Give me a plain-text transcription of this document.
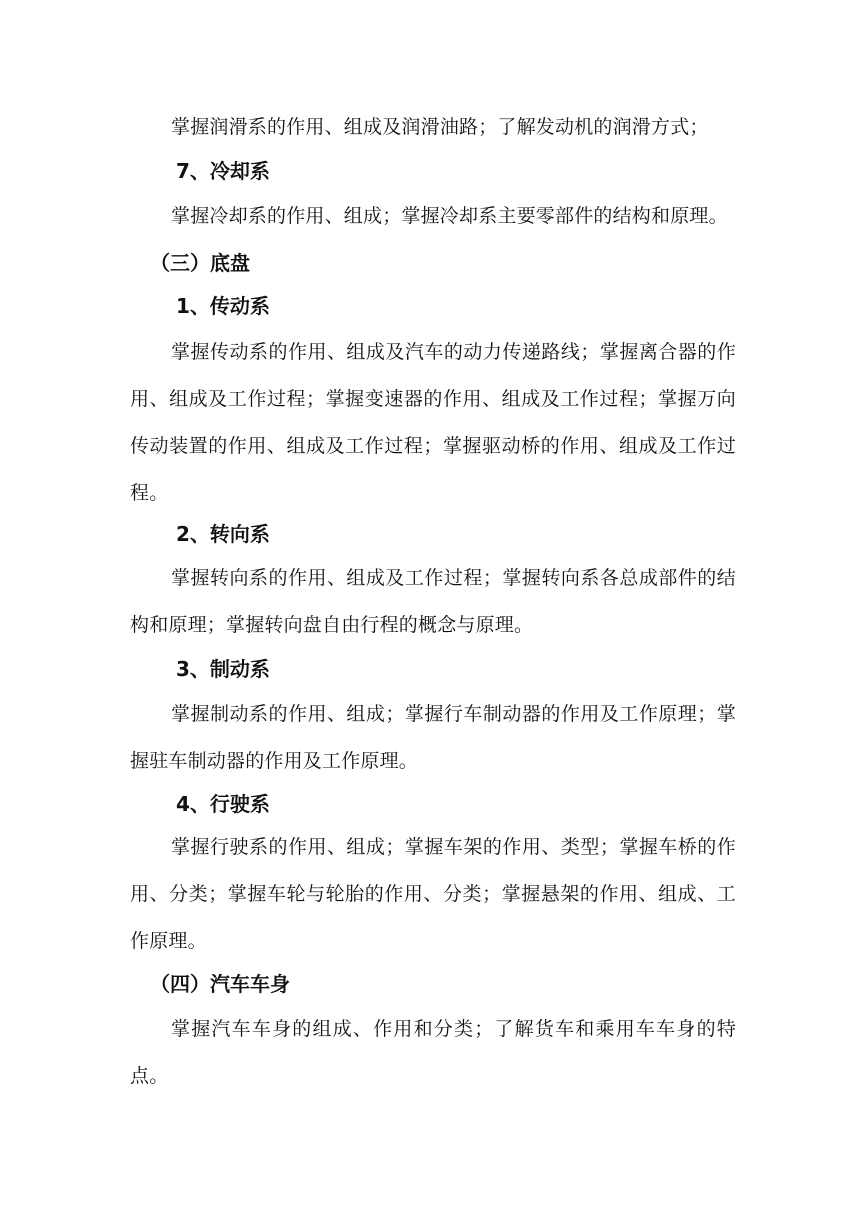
掌握润滑系的作用、组成及润滑油路；了解发动机的润滑方式；

7、冷却系

掌握冷却系的作用、组成；掌握冷却系主要零部件的结构和原理。

（三）底盘
1、传动系

掌握传动系的作用、组成及汽车的动力传递路线；掌握离合器的作用、组成及工作过程；掌握变速器的作用、组成及工作过程；掌握万向传动装置的作用、组成及工作过程；掌握驱动桥的作用、组成及工作过程。

2、转向系

掌握转向系的作用、组成及工作过程；掌握转向系各总成部件的结构和原理；掌握转向盘自由行程的概念与原理。

3、制动系

掌握制动系的作用、组成；掌握行车制动器的作用及工作原理；掌握驻车制动器的作用及工作原理。

4、行驶系

掌握行驶系的作用、组成；掌握车架的作用、类型；掌握车桥的作用、分类；掌握车轮与轮胎的作用、分类；掌握悬架的作用、组成、工作原理。

（四）汽车车身

掌握汽车车身的组成、作用和分类；了解货车和乘用车车身的特点。
